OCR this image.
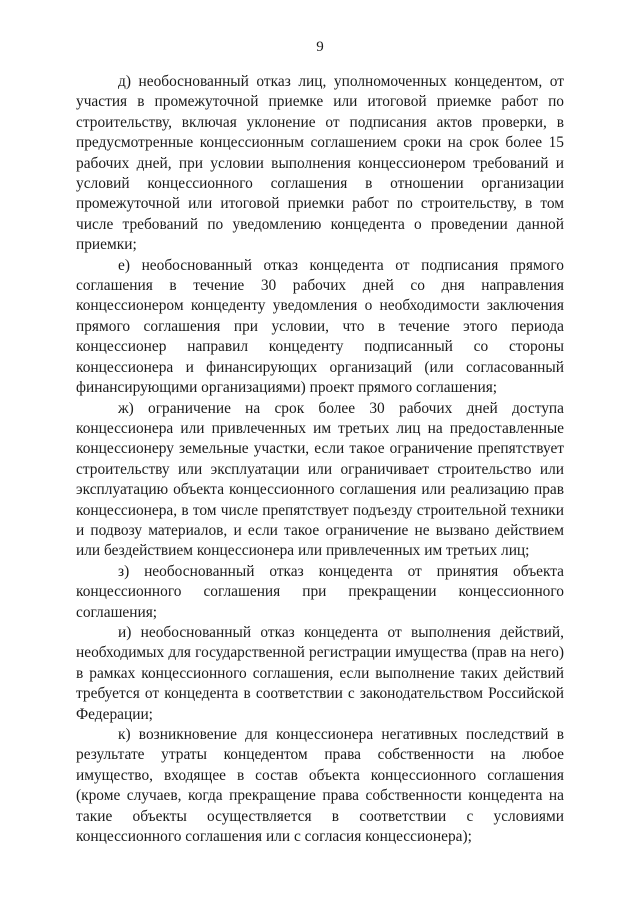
9

д) необоснованный отказ лиц, уполномоченных концедентом, от участия в промежуточной приемке или итоговой приемке работ по строительству, включая уклонение от подписания актов проверки, в предусмотренные концессионным соглашением сроки на срок более 15 рабочих дней, при условии выполнения концессионером требований и условий концессионного соглашения в отношении организации промежуточной или итоговой приемки работ по строительству, в том числе требований по уведомлению концедента о проведении данной приемки;

е) необоснованный отказ концедента от подписания прямого соглашения в течение 30 рабочих дней со дня направления концессионером концеденту уведомления о необходимости заключения прямого соглашения при условии, что в течение этого периода концессионер направил концеденту подписанный со стороны концессионера и финансирующих организаций (или согласованный финансирующими организациями) проект прямого соглашения;

ж) ограничение на срок более 30 рабочих дней доступа концессионера или привлеченных им третьих лиц на предоставленные концессионеру земельные участки, если такое ограничение препятствует строительству или эксплуатации или ограничивает строительство или эксплуатацию объекта концессионного соглашения или реализацию прав концессионера, в том числе препятствует подъезду строительной техники и подвозу материалов, и если такое ограничение не вызвано действием или бездействием концессионера или привлеченных им третьих лиц;

з) необоснованный отказ концедента от принятия объекта концессионного соглашения при прекращении концессионного соглашения;

и) необоснованный отказ концедента от выполнения действий, необходимых для государственной регистрации имущества (прав на него) в рамках концессионного соглашения, если выполнение таких действий требуется от концедента в соответствии с законодательством Российской Федерации;

к) возникновение для концессионера негативных последствий в результате утраты концедентом права собственности на любое имущество, входящее в состав объекта концессионного соглашения (кроме случаев, когда прекращение права собственности концедента на такие объекты осуществляется в соответствии с условиями концессионного соглашения или с согласия концессионера);
